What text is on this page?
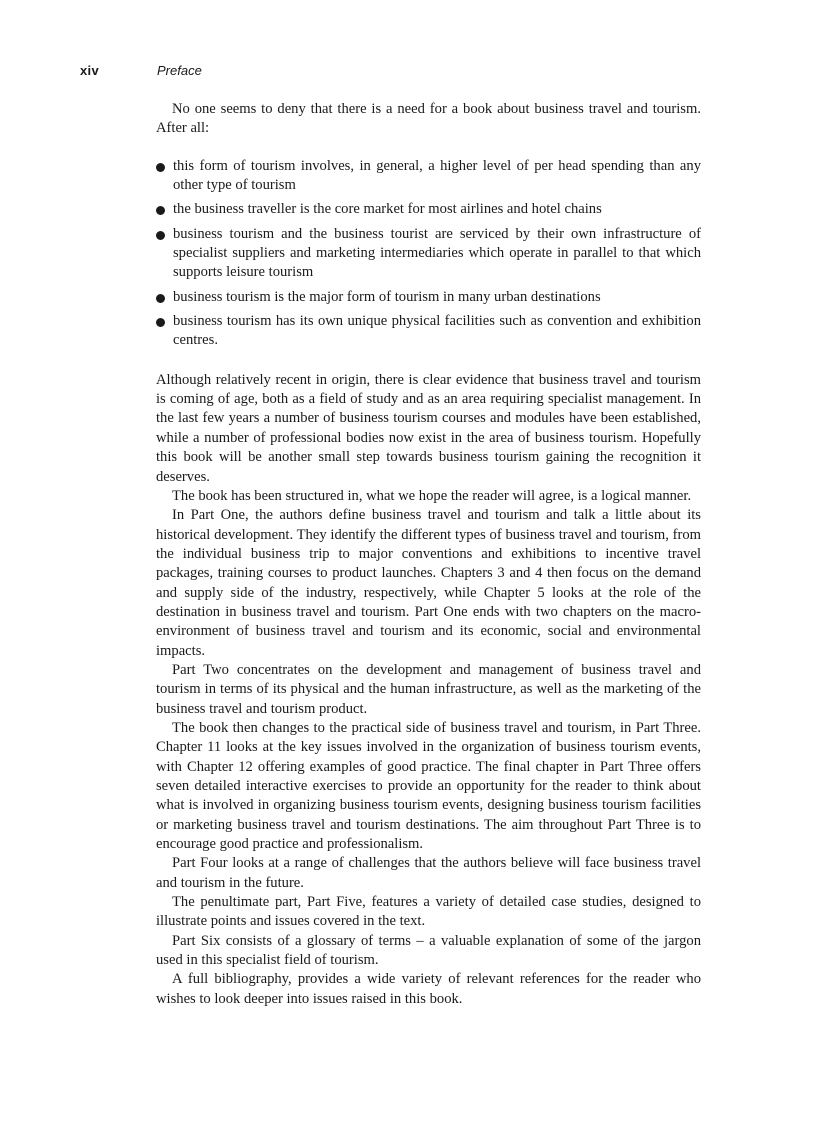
xiv	Preface

No one seems to deny that there is a need for a book about business travel and tourism. After all:

this form of tourism involves, in general, a higher level of per head spending than any other type of tourism
the business traveller is the core market for most airlines and hotel chains
business tourism and the business tourist are serviced by their own infrastructure of specialist suppliers and marketing intermediaries which operate in parallel to that which supports leisure tourism
business tourism is the major form of tourism in many urban destinations
business tourism has its own unique physical facilities such as convention and exhibition centres.

Although relatively recent in origin, there is clear evidence that business travel and tourism is coming of age, both as a field of study and as an area requiring specialist management. In the last few years a number of business tourism courses and modules have been established, while a number of professional bodies now exist in the area of business tourism. Hopefully this book will be another small step towards business tourism gaining the recognition it deserves.

The book has been structured in, what we hope the reader will agree, is a logical manner.

In Part One, the authors define business travel and tourism and talk a little about its historical development. They identify the different types of business travel and tourism, from the individual business trip to major conventions and exhibitions to incentive travel packages, training courses to product launches. Chapters 3 and 4 then focus on the demand and supply side of the industry, respectively, while Chapter 5 looks at the role of the destination in business travel and tourism. Part One ends with two chapters on the macro-environment of business travel and tourism and its economic, social and environmental impacts.

Part Two concentrates on the development and management of business travel and tourism in terms of its physical and the human infrastructure, as well as the marketing of the business travel and tourism product.

The book then changes to the practical side of business travel and tourism, in Part Three. Chapter 11 looks at the key issues involved in the organization of business tourism events, with Chapter 12 offering examples of good practice. The final chapter in Part Three offers seven detailed interactive exercises to provide an opportunity for the reader to think about what is involved in organizing business tourism events, designing business tourism facilities or marketing business travel and tourism destinations. The aim throughout Part Three is to encourage good practice and professionalism.

Part Four looks at a range of challenges that the authors believe will face business travel and tourism in the future.

The penultimate part, Part Five, features a variety of detailed case studies, designed to illustrate points and issues covered in the text.

Part Six consists of a glossary of terms – a valuable explanation of some of the jargon used in this specialist field of tourism.

A full bibliography, provides a wide variety of relevant references for the reader who wishes to look deeper into issues raised in this book.
